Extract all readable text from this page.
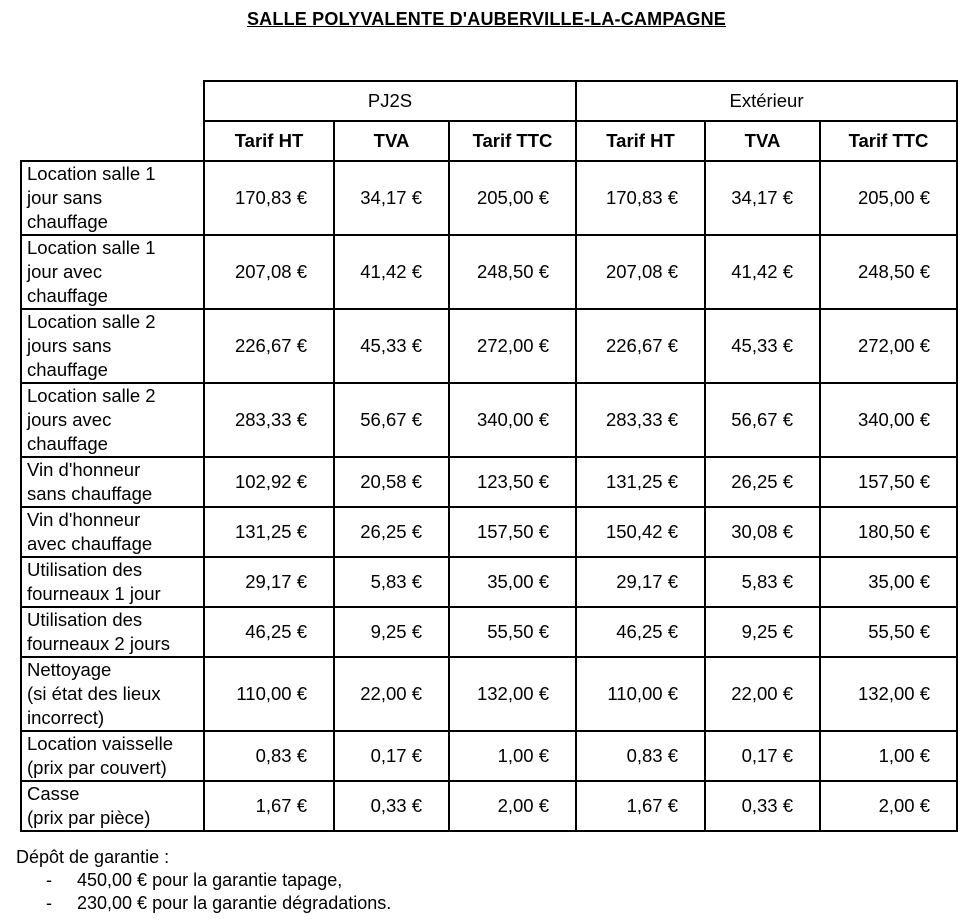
SALLE POLYVALENTE D'AUBERVILLE-LA-CAMPAGNE
	PJ2S			Extérieur		
	Tarif HT	TVA	Tarif TTC	Tarif HT	TVA	Tarif TTC

Location salle 1
jour sans
chauffage	170,83 €	34,17 €	205,00 €	170,83 €	34,17 €	205,00 €

Location salle 1
jour avec
chauffage	207,08 €	41,42 €	248,50 €	207,08 €	41,42 €	248,50 €

Location salle 2
jours sans
chauffage	226,67 €	45,33 €	272,00 €	226,67 €	45,33 €	272,00 €

Location salle 2
jours avec
chauffage	283,33 €	56,67 €	340,00 €	283,33 €	56,67 €	340,00 €

Vin d'honneur
sans chauffage	102,92 €	20,58 €	123,50 €	131,25 €	26,25 €	157,50 €

Vin d'honneur
avec chauffage	131,25 €	26,25 €	157,50 €	150,42 €	30,08 €	180,50 €

Utilisation des
fourneaux 1 jour	29,17 €	5,83 €	35,00 €	29,17 €	5,83 €	35,00 €

Utilisation des
fourneaux 2 jours	46,25 €	9,25 €	55,50 €	46,25 €	9,25 €	55,50 €

Nettoyage
(si état des lieux
incorrect)	110,00 €	22,00 €	132,00 €	110,00 €	22,00 €	132,00 €

Location vaisselle
(prix par couvert)	0,83 €	0,17 €	1,00 €	0,83 €	0,17 €	1,00 €

Casse
(prix par pièce)	1,67 €	0,33 €	2,00 €	1,67 €	0,33 €	2,00 €
Dépôt de garantie :
- 450,00 € pour la garantie tapage,
- 230,00 € pour la garantie dégradations.
